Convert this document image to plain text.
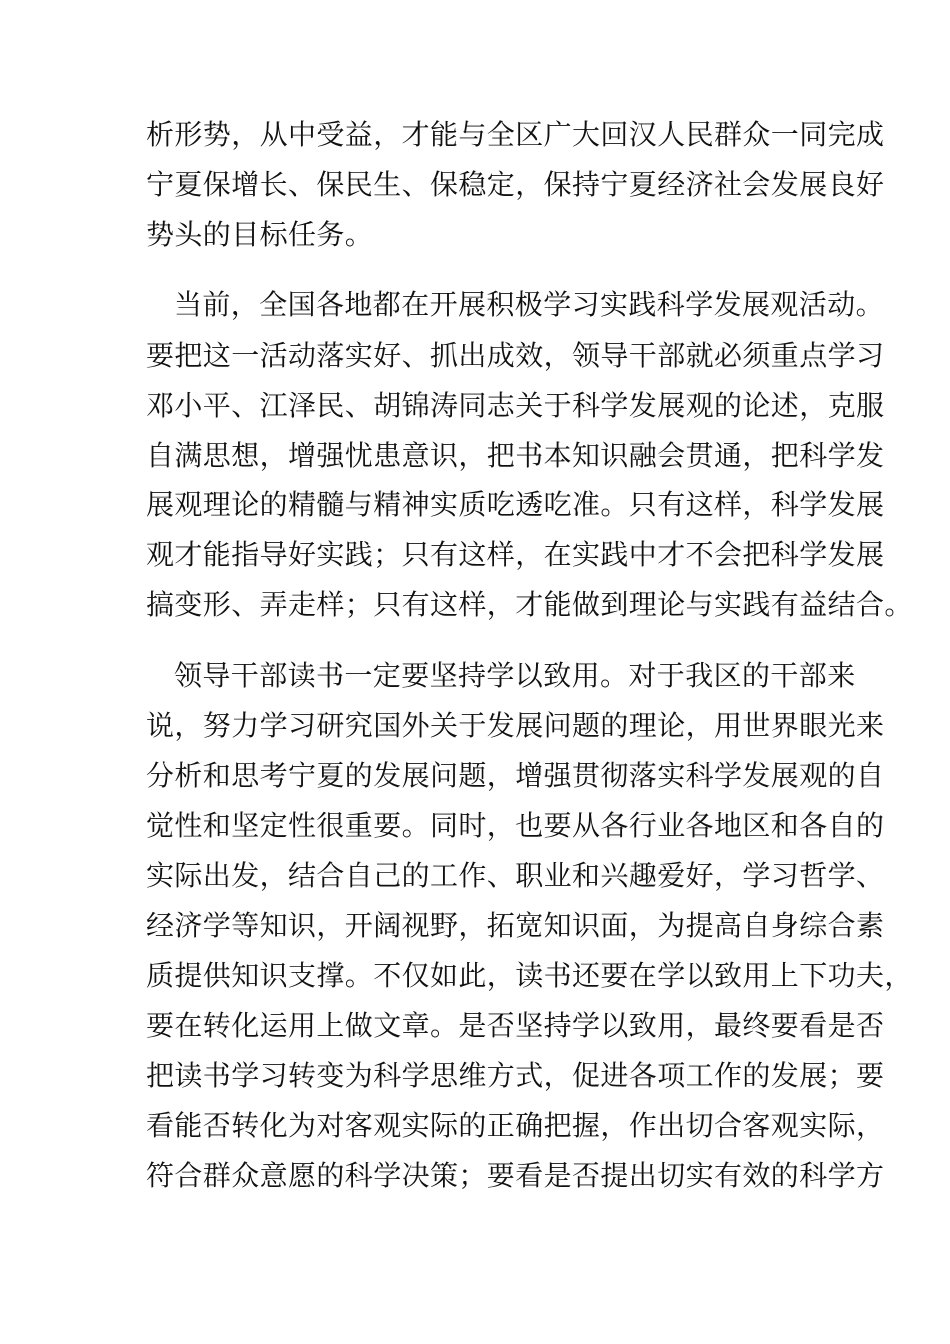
析形势，从中受益，才能与全区广大回汉人民群众一同完成
宁夏保增长、保民生、保稳定，保持宁夏经济社会发展良好
势头的目标任务。
当前，全国各地都在开展积极学习实践科学发展观活动。
要把这一活动落实好、抓出成效，领导干部就必须重点学习
邓小平、江泽民、胡锦涛同志关于科学发展观的论述，克服
自满思想，增强忧患意识，把书本知识融会贯通，把科学发
展观理论的精髓与精神实质吃透吃准。只有这样，科学发展
观才能指导好实践；只有这样，在实践中才不会把科学发展
搞变形、弄走样；只有这样，才能做到理论与实践有益结合。
领导干部读书一定要坚持学以致用。对于我区的干部来
说，努力学习研究国外关于发展问题的理论，用世界眼光来
分析和思考宁夏的发展问题，增强贯彻落实科学发展观的自
觉性和坚定性很重要。同时，也要从各行业各地区和各自的
实际出发，结合自己的工作、职业和兴趣爱好，学习哲学、
经济学等知识，开阔视野，拓宽知识面，为提高自身综合素
质提供知识支撑。不仅如此，读书还要在学以致用上下功夫，
要在转化运用上做文章。是否坚持学以致用，最终要看是否
把读书学习转变为科学思维方式，促进各项工作的发展；要
看能否转化为对客观实际的正确把握，作出切合客观实际，
符合群众意愿的科学决策；要看是否提出切实有效的科学方
